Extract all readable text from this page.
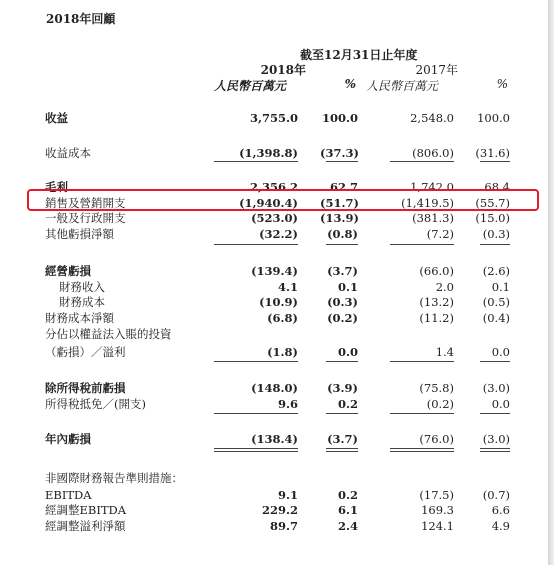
2018年回顧
截至12月31日止年度
2018年	2017年
人民幣百萬元	% 人民幣百萬元	%
收益	3,755.0 100.0	2,548.0	100.0
收益成本	(1,398.8) (37.3)	(806.0)	(31.6)
毛利	2,356.2	62.7	1,742.0	68.4
銷售及營銷開支	(1,940.4) (51.7)	(1,419.5)	(55.7)
一般及行政開支	(523.0) (13.9)	(381.3)	(15.0)
其他虧損淨額	(32.2)	(0.8)	(7.2)	(0.3)
經營虧損	(139.4)	(3.7)	(66.0)	(2.6)
財務收入	4.1	0.1	2.0	0.1
財務成本	(10.9)	(0.3)	(13.2)	(0.5)
財務成本淨額	(6.8)	(0.2)	(11.2)	(0.4)
分佔以權益法入賬的投資
（虧損）／溢利	(1.8)	0.0	1.4	0.0
除所得稅前虧損	(148.0)	(3.9)	(75.8)	(3.0)
所得稅抵免／(開支)	9.6	0.2	(0.2)	0.0
年內虧損	(138.4)	(3.7)	(76.0)	(3.0)
非國際財務報告準則措施：
EBITDA	9.1	0.2	(17.5)	(0.7)
經調整EBITDA	229.2	6.1	169.3	6.6
經調整溢利淨額	89.7	2.4	124.1	4.9
